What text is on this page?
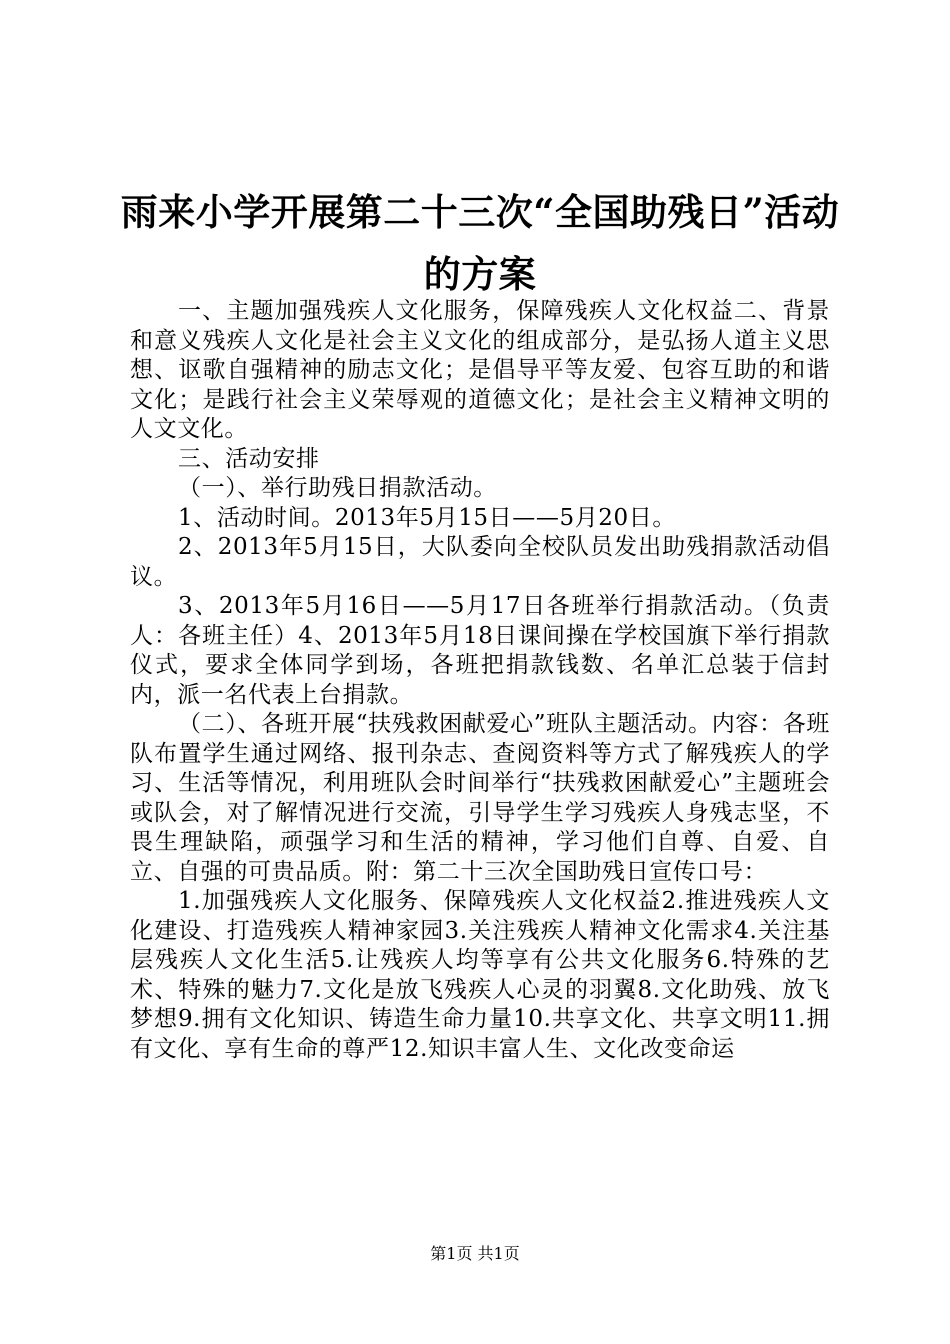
雨来小学开展第二十三次“全国助残日”活动的方案

一、主题加强残疾人文化服务，保障残疾人文化权益二、背景和意义残疾人文化是社会主义文化的组成部分，是弘扬人道主义思想、讴歌自强精神的励志文化；是倡导平等友爱、包容互助的和谐文化；是践行社会主义荣辱观的道德文化；是社会主义精神文明的人文文化。

三、活动安排

（一）、举行助残日捐款活动。

1、活动时间。2013年5月15日——5月20日。

2、2013年5月15日，大队委向全校队员发出助残捐款活动倡议。

3、2013年5月16日——5月17日各班举行捐款活动。（负责人：各班主任）4、2013年5月18日课间操在学校国旗下举行捐款仪式，要求全体同学到场，各班把捐款钱数、名单汇总装于信封内，派一名代表上台捐款。

（二）、各班开展“扶残救困献爱心”班队主题活动。内容：各班队布置学生通过网络、报刊杂志、查阅资料等方式了解残疾人的学习、生活等情况，利用班队会时间举行“扶残救困献爱心”主题班会或队会，对了解情况进行交流，引导学生学习残疾人身残志坚，不畏生理缺陷，顽强学习和生活的精神，学习他们自尊、自爱、自立、自强的可贵品质。附：第二十三次全国助残日宣传口号：

1.加强残疾人文化服务、保障残疾人文化权益2.推进残疾人文化建设、打造残疾人精神家园3.关注残疾人精神文化需求4.关注基层残疾人文化生活5.让残疾人均等享有公共文化服务6.特殊的艺术、特殊的魅力7.文化是放飞残疾人心灵的羽翼8.文化助残、放飞梦想9.拥有文化知识、铸造生命力量10.共享文化、共享文明11.拥有文化、享有生命的尊严12.知识丰富人生、文化改变命运

第1页 共1页
